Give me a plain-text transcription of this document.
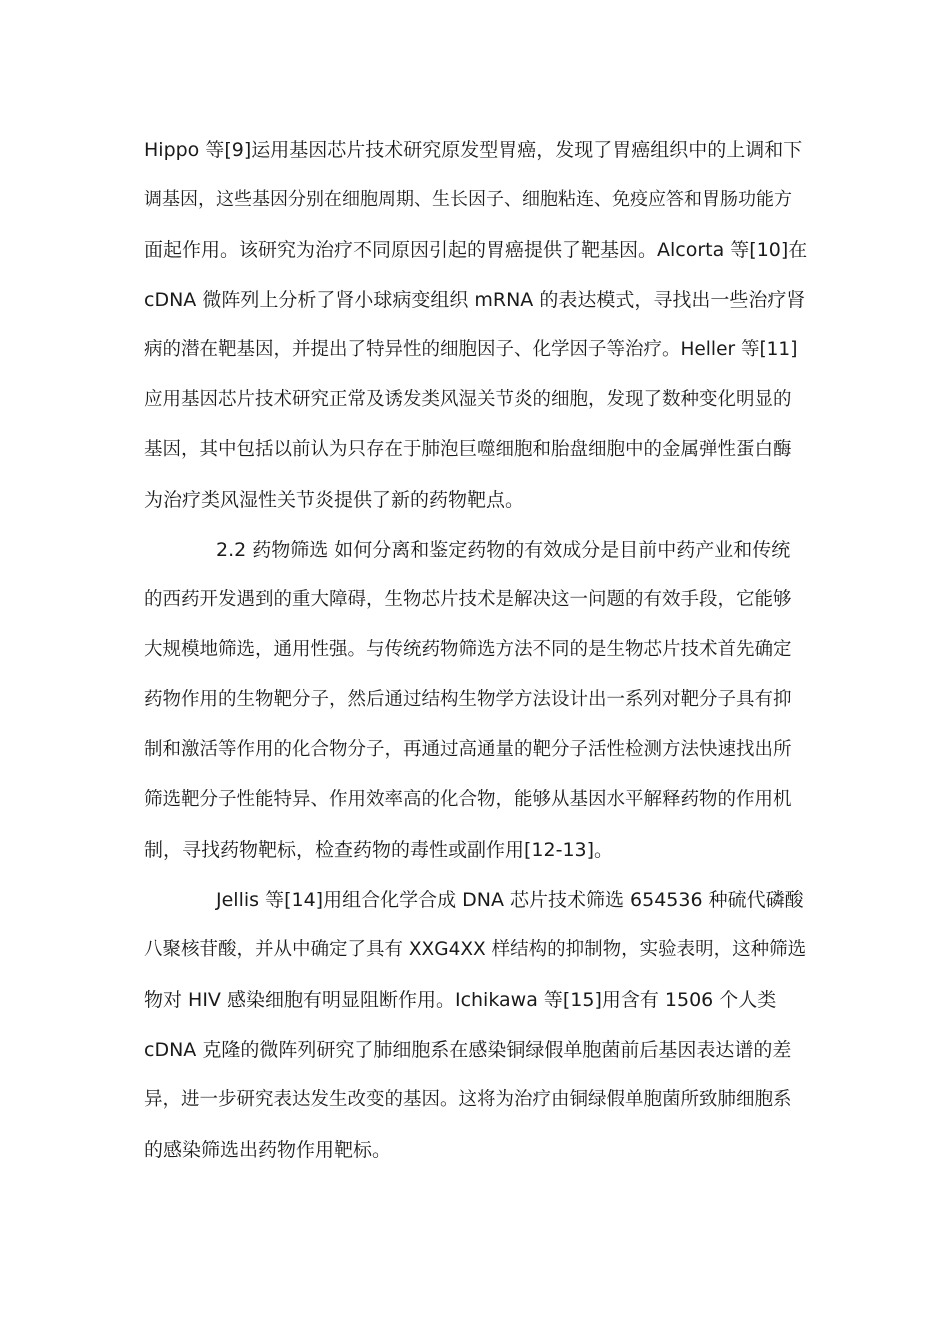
Hippo 等[9]运用基因芯片技术研究原发型胃癌，发现了胃癌组织中的上调和下
调基因，这些基因分别在细胞周期、生长因子、细胞粘连、免疫应答和胃肠功能方
面起作用。该研究为治疗不同原因引起的胃癌提供了靶基因。Alcorta 等[10]在
cDNA 微阵列上分析了肾小球病变组织 mRNA 的表达模式，寻找出一些治疗肾
病的潜在靶基因，并提出了特异性的细胞因子、化学因子等治疗。Heller 等[11]
应用基因芯片技术研究正常及诱发类风湿关节炎的细胞，发现了数种变化明显的
基因，其中包括以前认为只存在于肺泡巨噬细胞和胎盘细胞中的金属弹性蛋白酶
为治疗类风湿性关节炎提供了新的药物靶点。
2.2 药物筛选 如何分离和鉴定药物的有效成分是目前中药产业和传统
的西药开发遇到的重大障碍，生物芯片技术是解决这一问题的有效手段，它能够
大规模地筛选，通用性强。与传统药物筛选方法不同的是生物芯片技术首先确定
药物作用的生物靶分子，然后通过结构生物学方法设计出一系列对靶分子具有抑
制和激活等作用的化合物分子，再通过高通量的靶分子活性检测方法快速找出所
筛选靶分子性能特异、作用效率高的化合物，能够从基因水平解释药物的作用机
制，寻找药物靶标，检查药物的毒性或副作用[12-13]。
Jellis 等[14]用组合化学合成 DNA 芯片技术筛选 654536 种硫代磷酸
八聚核苷酸，并从中确定了具有 XXG4XX 样结构的抑制物，实验表明，这种筛选
物对 HIV 感染细胞有明显阻断作用。Ichikawa 等[15]用含有 1506 个人类
cDNA 克隆的微阵列研究了肺细胞系在感染铜绿假单胞菌前后基因表达谱的差
异，进一步研究表达发生改变的基因。这将为治疗由铜绿假单胞菌所致肺细胞系
的感染筛选出药物作用靶标。
